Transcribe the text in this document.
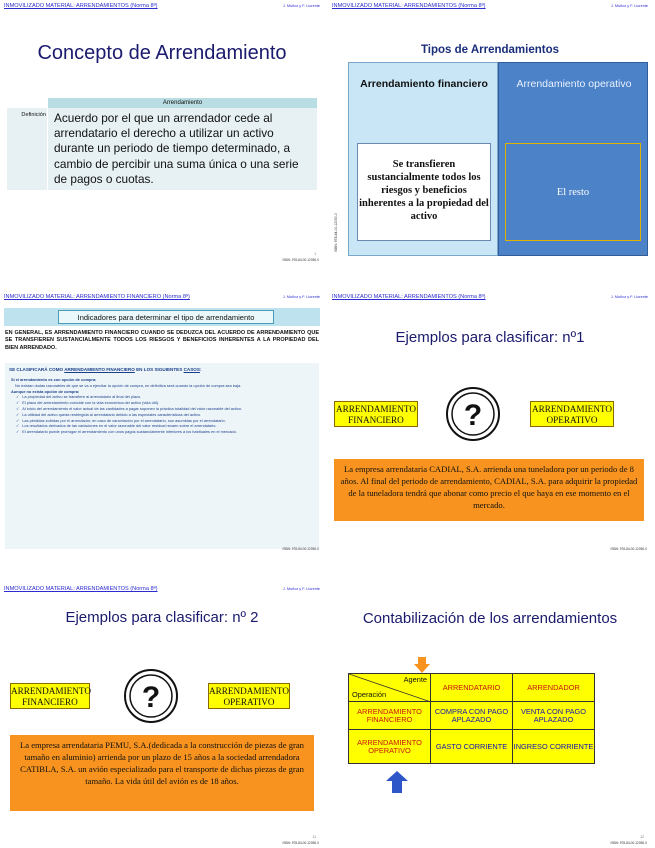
INMOVILIZADO MATERIAL: ARRENDAMIENTOS (Norma 8ª)	J. Muñoz y F. Llorente
Concepto de Arrendamiento
Arrendamiento
Definición Acuerdo por el que un arrendador cede al arrendatario el derecho a utilizar un activo durante un periodo de tiempo determinado, a cambio de percibir una suma única o una serie de pagos o cuotas.
1
ISBN: 978-84-00-12050-0
INMOVILIZADO MATERIAL: ARRENDAMIENTOS (Norma 8ª)	J. Muñoz y F. Llorente
Tipos de Arrendamientos
ISBN: 978-84-00-12050-0
Arrendamiento financiero
Se transfieren sustancialmente todos los riesgos y beneficios inherentes a la propiedad del activo
Arrendamiento operativo
El resto
6
INMOVILIZADO MATERIAL: ARRENDAMIENTO FINANCIERO (Norma 8ª)	J. Muñoz y F. Llorente
Indicadores para determinar el tipo de arrendamiento
EN GENERAL, ES ARRENDAMIENTO FINANCIERO CUANDO SE DEDUZCA DEL ACUERDO DE ARRENDAMIENTO QUE SE TRANSFIEREN SUSTANCIALMENTE TODOS LOS RIESGOS Y BENEFICIOS INHERENTES A LA PROPIEDAD DEL BIEN ARRENDADO.
SE CLASIFICARÁ COMO ARRENDAMIENTO FINANCIERO EN LOS SIGUIENTES CASOS:
Si el arrendamiento es con opción de compra:
No existan dudas razonables de que se va a ejercitar la opción de compra, en definitiva será cuando la opción de compra sea baja.
Aunque no exista opción de compra:
✓ La propiedad del activo se transfiere al arrendatario al final del plazo.
✓ El plazo del arrendamiento coincide con la vida económica del activo (vida útil).
✓ Al inicio del arrendamiento el valor actual de las cantidades a pagar suponen la práctica totalidad del valor razonable del activo.
✓ La utilidad del activo queda restringida al arrendatario debido a las especiales características del activo.
✓ Las pérdidas sufridas por el arrendador, en caso de cancelación por el arrendatario, son asumidas por el arrendatario.
✓ Los resultados derivados de las variaciones en el valor razonable del valor residual recaen sobre el arrendatario.
✓ El arrendatario puede prorrogar el arrendamiento con unos pagos sustancialmente inferiores a los habituales en el mercado.
ISBN: 978-84-00-12050-0
INMOVILIZADO MATERIAL: ARRENDAMIENTOS (Norma 8ª)	J. Muñoz y F. Llorente
Ejemplos para clasificar: nº1
ARRENDAMIENTO FINANCIERO
ARRENDAMIENTO OPERATIVO
?
La empresa arrendataria CADIAL, S.A. arrienda una tuneladora por un periodo de 8 años. Al final del periodo de arrendamiento, CADIAL, S.A. para adquirir la propiedad de la tuneladora tendrá que abonar como precio el que haya en ese momento en el mercado.
ISBN: 978-84-00-12050-0
INMOVILIZADO MATERIAL: ARRENDAMIENTOS (Norma 8ª)	J. Muñoz y F. Llorente
Ejemplos para clasificar: nº 2
ARRENDAMIENTO FINANCIERO
ARRENDAMIENTO OPERATIVO
?
La empresa arrendataria PEMU, S.A.(dedicada a la construcción de piezas de gran tamaño en aluminio) arrienda por un plazo de 15 años a la sociedad arrendadora CATIBLA, S.A. un avión especializado para el transporte de dichas piezas de gran tamaño. La vida útil del avión es de 18 años.
11
ISBN: 978-84-00-12050-0
Contabilización de los arrendamientos
Agente
Operación	ARRENDATARIO	ARRENDADOR
ARRENDAMIENTO FINANCIERO	COMPRA CON PAGO APLAZADO	VENTA CON PAGO APLAZADO
ARRENDAMIENTO OPERATIVO	GASTO CORRIENTE	INGRESO CORRIENTE
12
ISBN: 978-84-00-12050-0
